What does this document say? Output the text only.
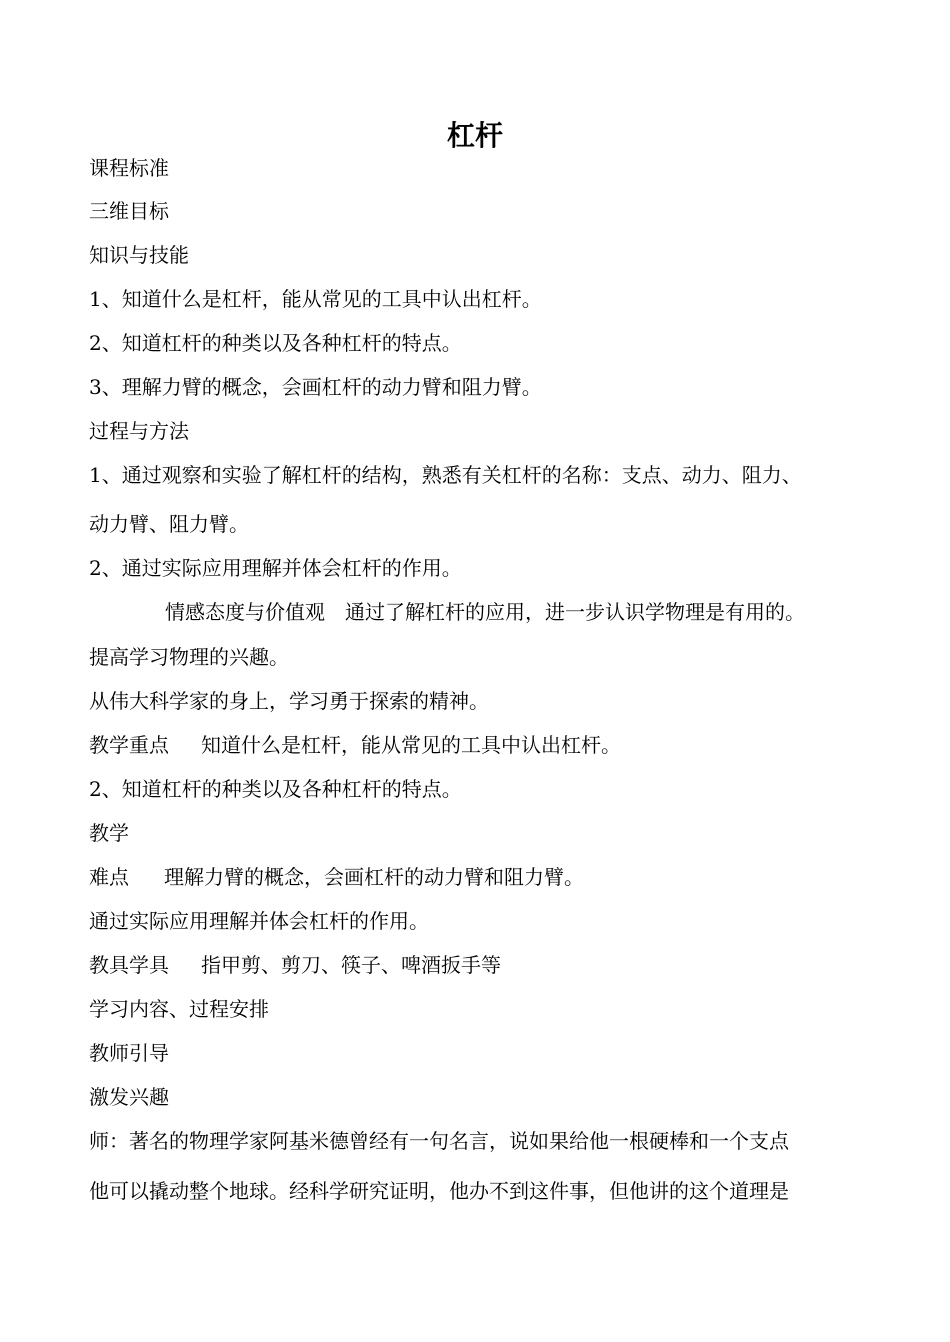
杠杆
课程标准
三维目标
知识与技能
1、知道什么是杠杆，能从常见的工具中认出杠杆。
2、知道杠杆的种类以及各种杠杆的特点。
3、理解力臂的概念，会画杠杆的动力臂和阻力臂。
过程与方法
1、通过观察和实验了解杠杆的结构，熟悉有关杠杆的名称：支点、动力、阻力、
动力臂、阻力臂。
2、通过实际应用理解并体会杠杆的作用。
情感态度与价值观 通过了解杠杆的应用，进一步认识学物理是有用的。
提高学习物理的兴趣。
从伟大科学家的身上，学习勇于探索的精神。
教学重点 知道什么是杠杆，能从常见的工具中认出杠杆。
2、知道杠杆的种类以及各种杠杆的特点。
教学
难点 理解力臂的概念，会画杠杆的动力臂和阻力臂。
通过实际应用理解并体会杠杆的作用。
教具学具 指甲剪、剪刀、筷子、啤酒扳手等
学习内容、过程安排
教师引导
激发兴趣
师：著名的物理学家阿基米德曾经有一句名言，说如果给他一根硬棒和一个支点
他可以撬动整个地球。经科学研究证明，他办不到这件事，但他讲的这个道理是
